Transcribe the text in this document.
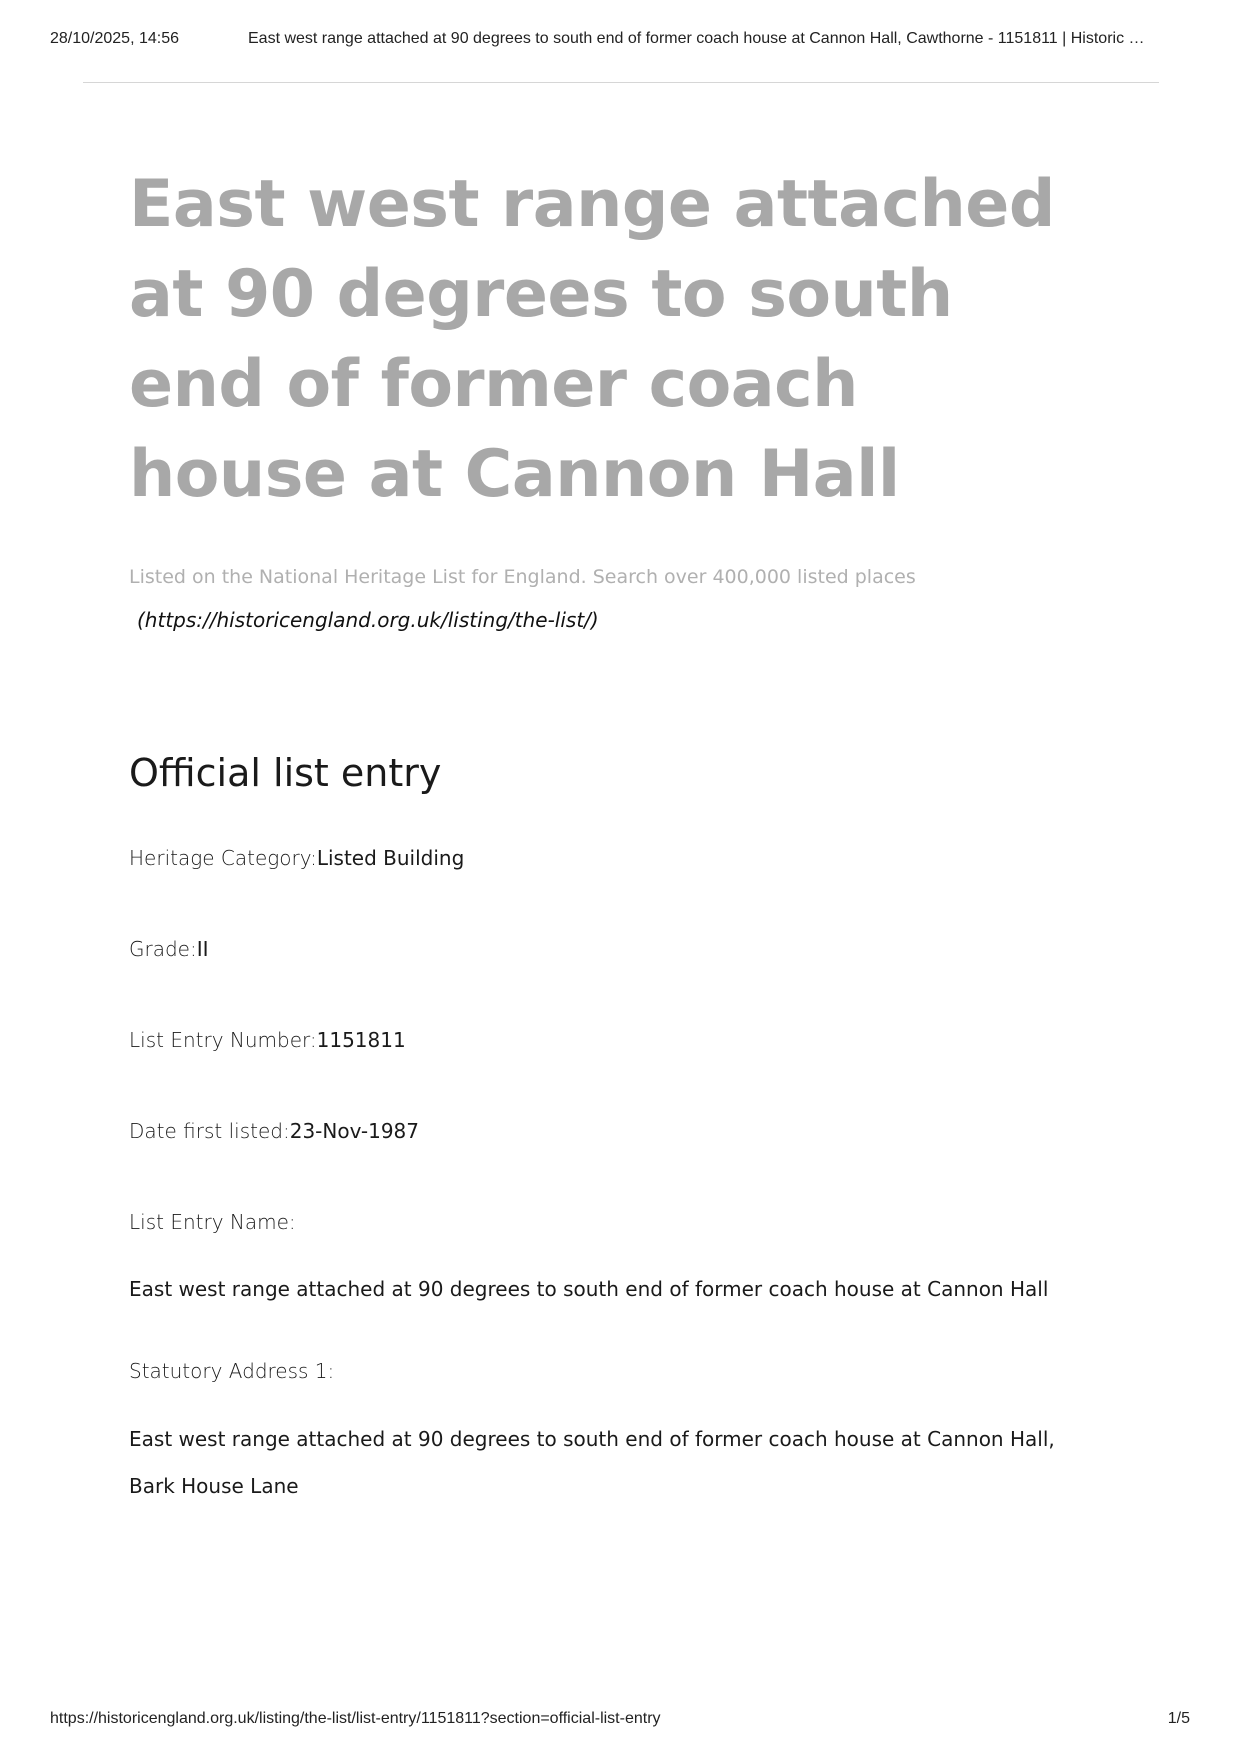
28/10/2025, 14:56	East west range attached at 90 degrees to south end of former coach house at Cannon Hall, Cawthorne - 1151811 | Historic …
East west range attached at 90 degrees to south end of former coach house at Cannon Hall
Listed on the National Heritage List for England. Search over 400,000 listed places
(https://historicengland.org.uk/listing/the-list/)
Official list entry
Heritage Category:Listed Building
Grade:II
List Entry Number:1151811
Date first listed:23-Nov-1987
List Entry Name:
East west range attached at 90 degrees to south end of former coach house at Cannon Hall
Statutory Address 1:
East west range attached at 90 degrees to south end of former coach house at Cannon Hall, Bark House Lane
https://historicengland.org.uk/listing/the-list/list-entry/1151811?section=official-list-entry	1/5
